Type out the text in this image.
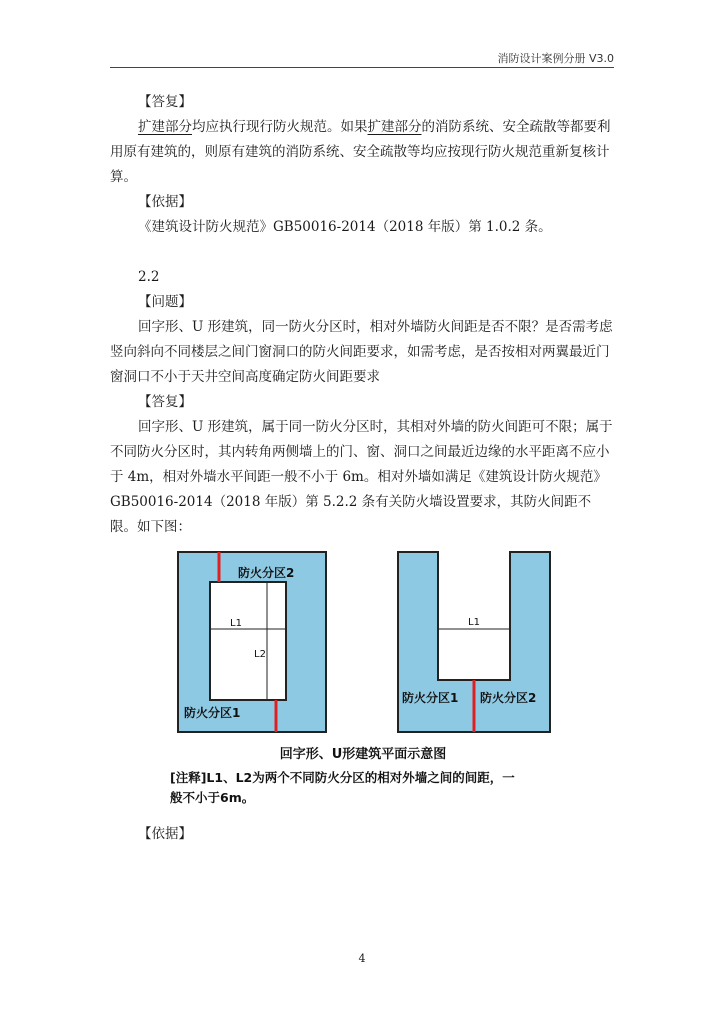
消防设计案例分册 V3.0

【答复】

扩建部分均应执行现行防火规范。如果扩建部分的消防系统、安全疏散等都要利用原有建筑的，则原有建筑的消防系统、安全疏散等均应按现行防火规范重新复核计算。

【依据】

《建筑设计防火规范》GB50016-2014（2018 年版）第 1.0.2 条。

2.2

【问题】

回字形、U 形建筑，同一防火分区时，相对外墙防火间距是否不限？是否需考虑竖向斜向不同楼层之间门窗洞口的防火间距要求，如需考虑，是否按相对两翼最近门窗洞口不小于天井空间高度确定防火间距要求

【答复】

回字形、U 形建筑，属于同一防火分区时，其相对外墙的防火间距可不限；属于不同防火分区时，其内转角两侧墙上的门、窗、洞口之间最近边缘的水平距离不应小于 4m，相对外墙水平间距一般不小于 6m。相对外墙如满足《建筑设计防火规范》GB50016-2014（2018 年版）第 5.2.2 条有关防火墙设置要求，其防火间距不限。如下图：

防火分区2
防火分区1
L1
L2
L1
防火分区1 防火分区2
回字形、U形建筑平面示意图
[注释]L1、L2为两个不同防火分区的相对外墙之间的间距，一般不小于6m。

【依据】

4
